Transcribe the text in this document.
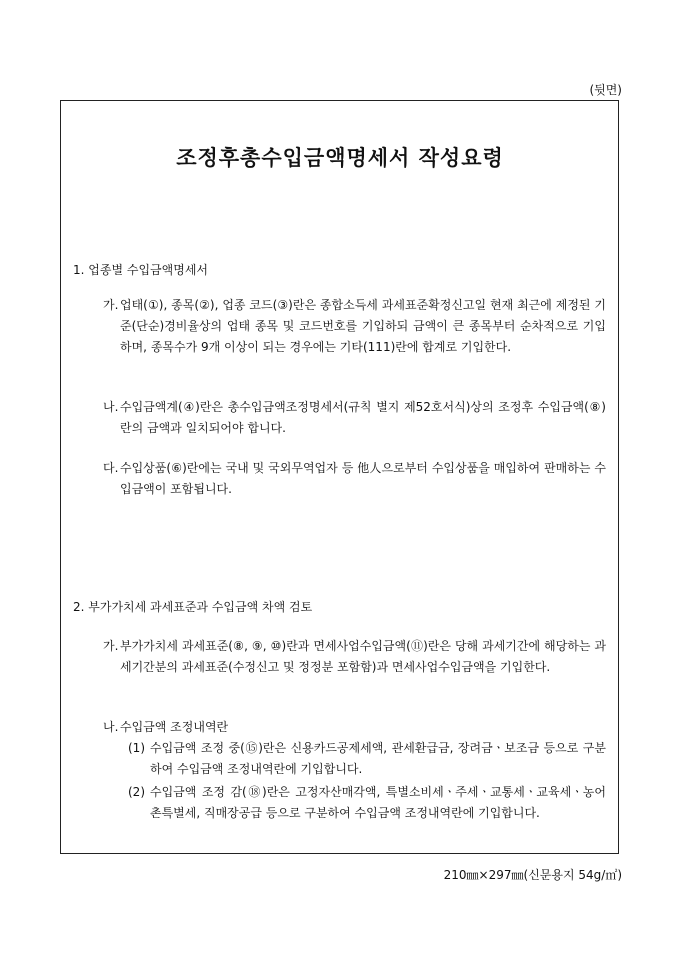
(뒷면)
조정후총수입금액명세서 작성요령
1. 업종별 수입금액명세서
가. 업태(①), 종목(②), 업종 코드(③)란은 종합소득세 과세표준확정신고일 현재 최근에 제정된 기준(단순)경비율상의 업태 종목 및 코드번호를 기입하되 금액이 큰 종목부터 순차적으로 기입하며, 종목수가 9개 이상이 되는 경우에는 기타(111)란에 합계로 기입한다.
나. 수입금액계(④)란은 총수입금액조정명세서(규칙 별지 제52호서식)상의 조정후 수입금액(⑧)란의 금액과 일치되어야 합니다.
다. 수입상품(⑥)란에는 국내 및 국외무역업자 등 他人으로부터 수입상품을 매입하여 판매하는 수입금액이 포함됩니다.
2. 부가가치세 과세표준과 수입금액 차액 검토
가. 부가가치세 과세표준(⑧, ⑨, ⑩)란과 면세사업수입금액(⑪)란은 당해 과세기간에 해당하는 과세기간분의 과세표준(수정신고 및 정정분 포함함)과 면세사업수입금액을 기입한다.
나. 수입금액 조정내역란
(1) 수입금액 조정 중(⑮)란은 신용카드공제세액, 관세환급금, 장려금ㆍ보조금 등으로 구분하여 수입금액 조정내역란에 기입합니다.
(2) 수입금액 조정 감(⑱)란은 고정자산매각액, 특별소비세ㆍ주세ㆍ교통세ㆍ교육세ㆍ농어촌특별세, 직매장공급 등으로 구분하여 수입금액 조정내역란에 기입합니다.
210㎜×297㎜(신문용지 54g/㎡)
